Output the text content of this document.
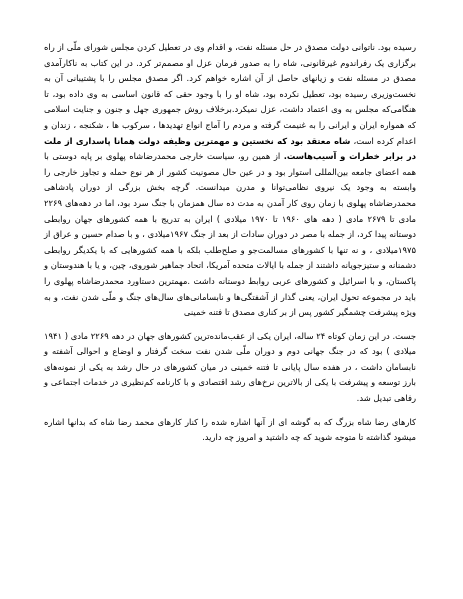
رسیده بود. ناتوانی دولت مصدق در حل مسئله نفت، و اقدام وی در تعطیل کردن مجلس شورای ملّی از راه برگزاری یک رفراندوم غیرقانونی، شاه را به صدور فرمان عزل او مصمم‌تر کرد. در این کتاب به ناکارآمدی مصدق در مسئله نفت و زیانهای حاصل از آن اشاره خواهم کرد. اگر مصدق مجلس را با پشتیبانی آن به نخست‌وزیری رسیده بود، تعطیل نکرده بود، شاه او را با وجود حقی که قانون اساسی به وی داده بود، تا هنگامی‌که مجلس به وی اعتماد داشت، عزل نمیکرد.برخلاف روش جمهوری جهل و جنون و جنایت اسلامی که همواره ایران و ایرانی را به غنیمت گرفته و مردم را آماج انواع تهدیدها ، سرکوب ها ، شکنجه ، زندان و اعدام کرده است، شاه معتقد بود که نخستین و مهمترین وظیفه دولت همانا پاسداری از ملت در برابر خطرات و آسیب‌هاست. از همین رو، سیاست خارجی محمدرضاشاه پهلوی بر پایه دوستی با همه اعضای جامعه بین‌المللی استوار بود و در عین حال مصونیت کشور از هر نوع حمله و تجاوز خارجی را وابسته به وجود یک نیروی نظامی‌توانا و مدرن میدانست. گرچه بخش بزرگی از دوران پادشاهی محمدرضاشاه پهلوی با زمان روی کار آمدن به مدت ده سال همزمان با جنگ سرد بود، اما در دهه‌های ۲۲۶۹ مادی تا ۲۶۷۹ مادی ( دهه های ۱۹۶۰ تا ۱۹۷۰ میلادی ) ایران به تدریج با همه کشورهای جهان روابطی دوستانه پیدا کرد، از جمله با مصر در دوران سادات از بعد از جنگ ۱۹۶۷میلادی ، و با صدام حسین و عراق از ۱۹۷۵میلادی ، و نه تنها با کشورهای مسالمت‌جو و صلح‌طلب بلکه با همه کشورهایی که با یکدیگر روابطی دشمنانه و ستیزجویانه داشتند از جمله با ایالات متحده آمریکا، اتحاد جماهیر شوروی، چین، و یا با هندوستان و پاکستان، و با اسرائیل و کشورهای عربی روابط دوستانه داشت .مهمترین دستاورد محمدرضاشاه پهلوی را باید در مجموعه تحول ایران، یعنی گذار از آشفتگی‌ها و نابسامانی‌های سال‌های جنگ و ملّی شدن نفت، و به ویژه پیشرفت چشمگیر کشور پس از بر کناری مصدق تا فتنه خمینی

جست. در این زمان کوتاه ۲۴ ساله، ایران یکی از عقب‌مانده‌ترین کشورهای جهان در دهه ۲۲۶۹ مادی ( ۱۹۴۱ میلادی ) بود که در جنگ جهانی دوم و دوران ملّی شدن نفت سخت گرفتار و اوضاع و احوالی آشفته و نابسامان داشت ، در هفده سال پایانی تا فتنه خمینی در میان کشورهای در حال رشد به یکی از نمونه‌های بارز توسعه و پیشرفت با یکی از بالاترین نرخ‌های رشد اقتصادی و با کارنامه کم‌نظیری در خدمات اجتماعی و رفاهی تبدیل شد.

کارهای رضا شاه بزرگ که به گوشه ای از آنها اشاره شده را کنار کارهای محمد رضا شاه که بدانها اشاره میشود گذاشته تا متوجه شوید که چه داشتید و امروز چه دارید.
